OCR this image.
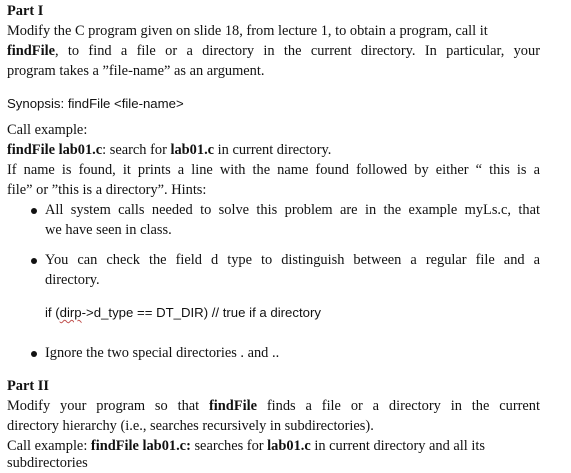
Part I
Modify the C program given on slide 18, from lecture 1, to obtain a program, call it
findFile, to find a file or a directory in the current directory. In particular, your
program takes a ”file-name” as an argument.
Synopsis: findFile <file-name>
Call example:
findFile lab01.c: search for lab01.c in current directory.
If name is found, it prints a line with the name found followed by either “ this is a
file” or ”this is a directory”. Hints:
All system calls needed to solve this problem are in the example myLs.c, that
we have seen in class.
You can check the field d type to distinguish between a regular file and a
directory.
if (dirp->d_type == DT_DIR) // true if a directory
Ignore the two special directories . and ..
Part II
Modify your program so that findFile finds a file or a directory in the current
directory hierarchy (i.e., searches recursively in subdirectories).
Call example: findFile lab01.c: searches for lab01.c in current directory and all its
subdirectories
